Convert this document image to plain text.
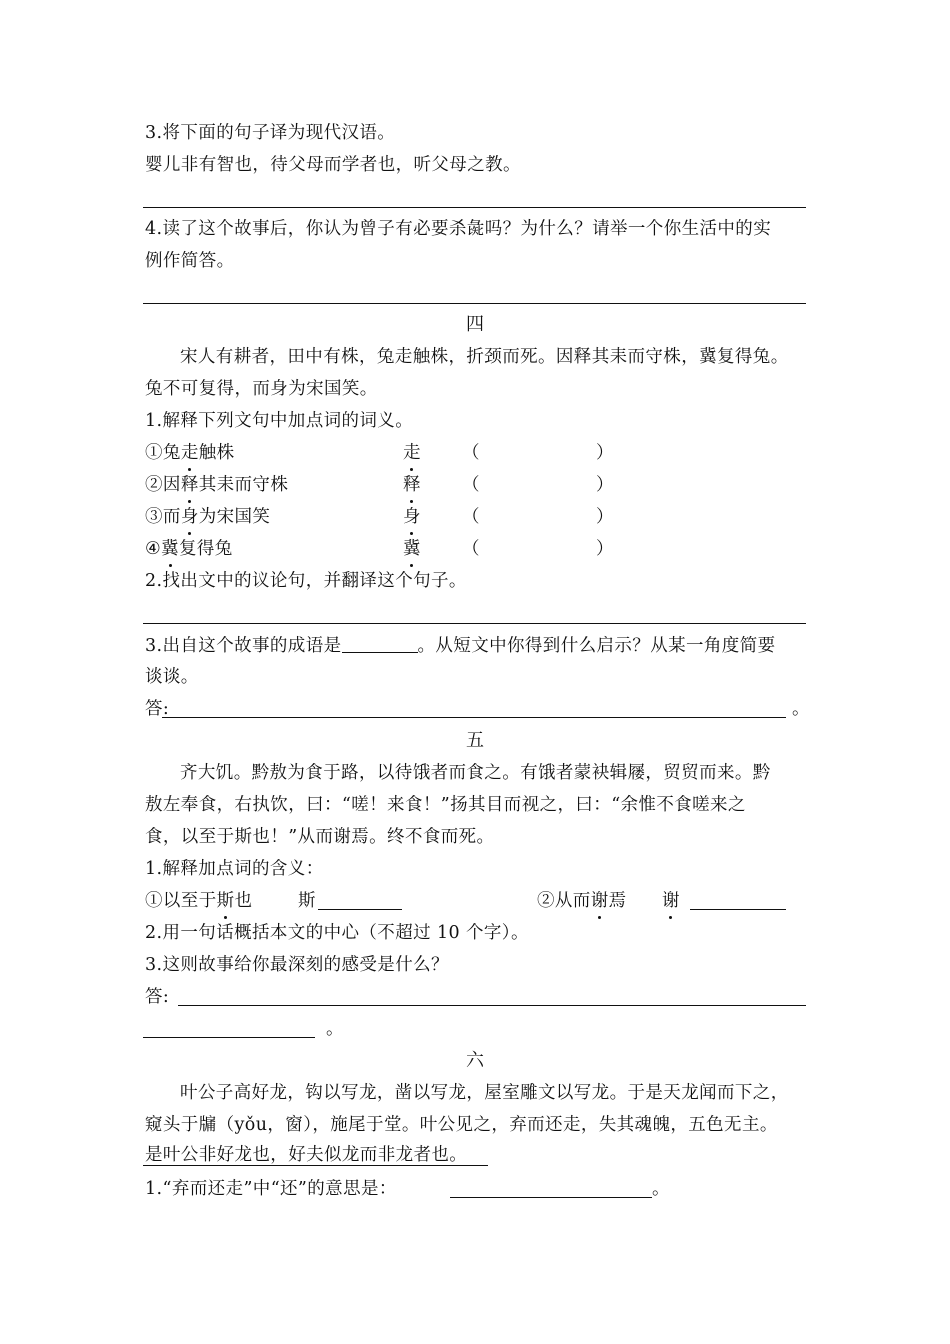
3.将下面的句子译为现代汉语。
婴儿非有智也，待父母而学者也，听父母之教。
4.读了这个故事后，你认为曾子有必要杀彘吗？为什么？请举一个你生活中的实
例作简答。
四
宋人有耕者，田中有株，兔走触株，折颈而死。因释其耒而守株，冀复得兔。
兔不可复得，而身为宋国笑。
1.解释下列文句中加点词的词义。
①兔走触株	走 （	）
②因释其耒而守株	释 （	）
③而身为宋国笑	身 （	）
④冀复得兔	冀 （	）
2.找出文中的议论句，并翻译这个句子。
3.出自这个故事的成语是	。从短文中你得到什么启示？从某一角度简要
谈谈。
答:	。
五
齐大饥。黔敖为食于路，以待饿者而食之。有饿者蒙袂辑屦，贸贸而来。黔
敖左奉食，右执饮，曰：“嗟！来食！”扬其目而视之，曰：“余惟不食嗟来之
食，以至于斯也！”从而谢焉。终不食而死。
1.解释加点词的含义：
①以至于斯也	斯	②从而谢焉 谢
2.用一句话概括本文的中心（不超过 10 个字）。
3.这则故事给你最深刻的感受是什么？
答:
。
六
叶公子高好龙，钩以写龙，凿以写龙，屋室雕文以写龙。于是天龙闻而下之，
窥头于牖（yǒu，窗），施尾于堂。叶公见之，弃而还走，失其魂魄，五色无主。
是叶公非好龙也，好夫似龙而非龙者也。
1.“弃而还走”中“还”的意思是：	。
